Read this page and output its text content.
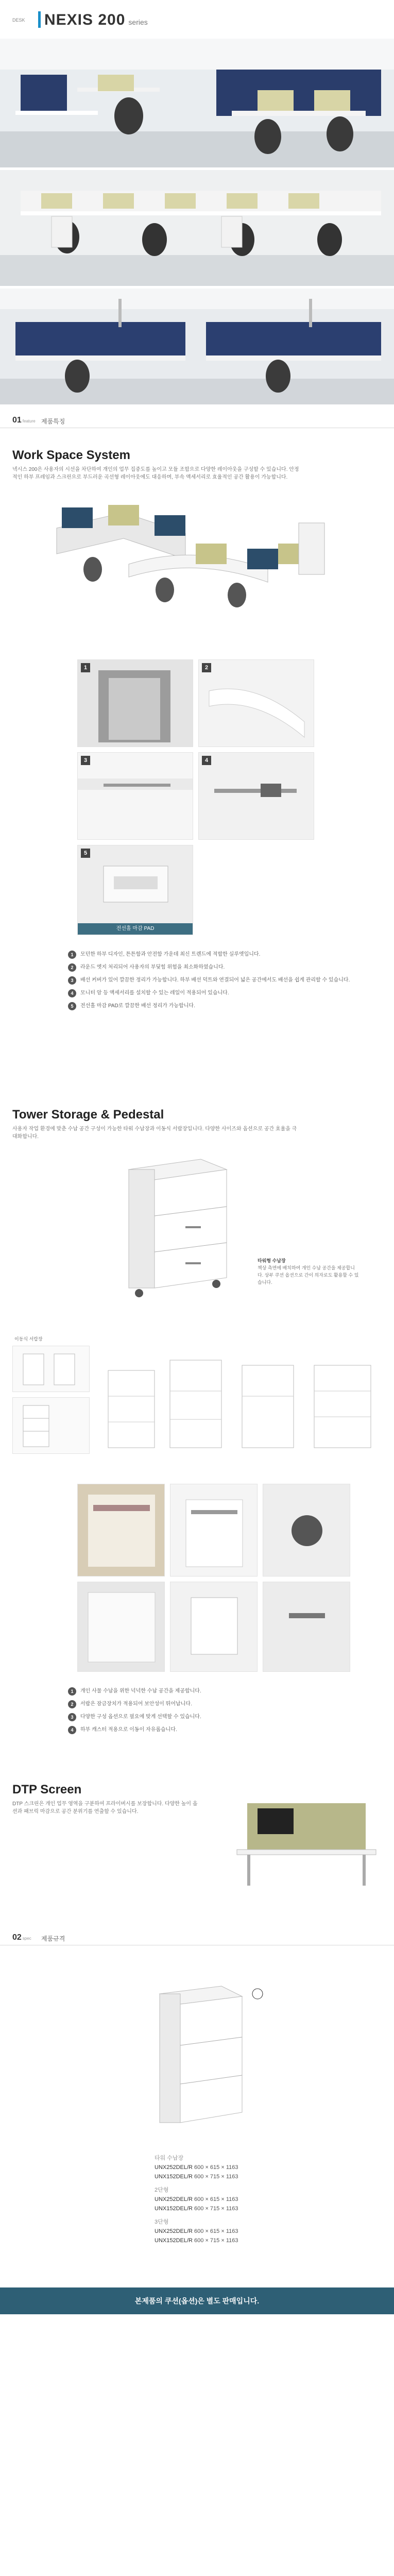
DESK NEXIS 200 series
01 feature 제품특징
Work Space System
넥시스 200은 사용자의 시선을 차단하여 개인의 업무 집중도를 높이고 모듈 조합으로 다양한 레이아웃을 구성할 수 있습니다. 안정적인 하부 프레임과 스크린으로 부드러운 곡선형 레이아웃에도 대응하며, 부속 액세서리로 효율적인 공간 활용이 가능합니다.
1	2
3	4
5
전선홀 마감 PAD
1	모던한 하부 디자인, 튼튼함과 안전함 가운데 최신 트렌드에 적합한 실루엣입니다.
2	라운드 엣지 처리되어 사용자의 부딪힘 위험을 최소화하였습니다.
3	배선 커버가 있어 깔끔한 정리가 가능합니다. 하부 배선 덕트와 연결되어 넓은 공간에서도 배선을 쉽게 관리할 수 있습니다.
4	모니터 암 등 액세서리를 설치할 수 있는 레일이 적용되어 있습니다.
5	전선홀 마감 PAD로 깔끔한 배선 정리가 가능합니다.
Tower Storage & Pedestal
사용자 작업 환경에 맞춘 수납 공간 구성이 가능한 타워 수납장과 이동식 서랍장입니다. 다양한 사이즈와 옵션으로 공간 효율을 극대화합니다.
타워형 수납장
책상 측면에 배치하여 개인 수납 공간을 제공합니다. 상부 쿠션 옵션으로 간이 의자로도 활용할 수 있습니다.
이동식 서랍장
1	개인 사물 수납을 위한 넉넉한 수납 공간을 제공합니다.
2	서랍은 잠금장치가 적용되어 보안성이 뛰어납니다.
3	다양한 구성 옵션으로 필요에 맞게 선택할 수 있습니다.
4	하부 캐스터 적용으로 이동이 자유롭습니다.
DTP Screen
DTP 스크린은 개인 업무 영역을 구분하여 프라이버시를 보장합니다. 다양한 높이 옵션과 패브릭 마감으로 공간 분위기를 연출할 수 있습니다.
02 spec 제품규격
타워 수납장
UNX252DEL/R 600 × 615 × 1163
UNX152DEL/R 600 × 715 × 1163
2단형
UNX252DEL/R 600 × 615 × 1163
UNX152DEL/R 600 × 715 × 1163
3단형
UNX252DEL/R 600 × 615 × 1163
UNX152DEL/R 600 × 715 × 1163
본제품의 쿠션(옵션)은 별도 판매입니다.
